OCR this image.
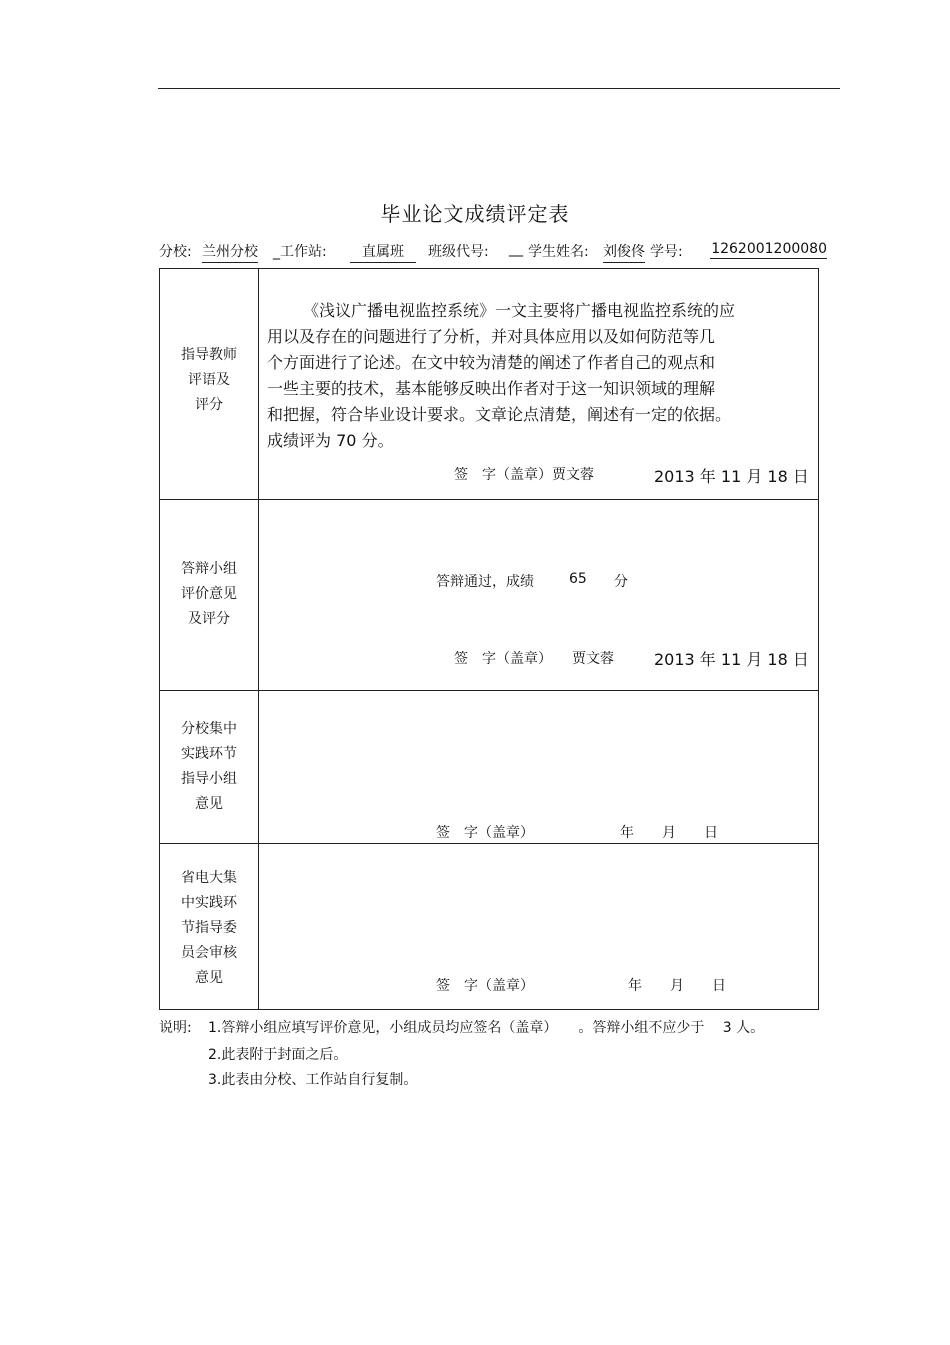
毕业论文成绩评定表
分校: 兰州分校 _工作站:	直属班	班级代号: __ 学生姓名: 刘俊佟 学号: 1262001200080
指导教师
评语及
评分

《浅议广播电视监控系统》一文主要将广播电视监控系统的应

用以及存在的问题进行了分析，并对具体应用以及如何防范等几

个方面进行了论述。在文中较为清楚的阐述了作者自己的观点和

一些主要的技术，基本能够反映出作者对于这一知识领域的理解

和把握，符合毕业设计要求。文章论点清楚，阐述有一定的依据。

成绩评为 70 分。

签　字（盖章）贾文蓉	2013 年 11 月 18 日
答辩小组
评价意见
及评分
答辩通过，成绩	65 分
签　字（盖章） 贾文蓉	2013 年 11 月 18 日
分校集中
实践环节
指导小组
意见
签　字（盖章）	年　　月　　日
省电大集
中实践环
节指导委
员会审核
意见	签　字（盖章）	年　　月　　日
说明: 1.答辩小组应填写评价意见，小组成员均应签名（盖章）　　。答辩小组不应少于　 3 人。
2.此表附于封面之后。
3.此表由分校、工作站自行复制。
